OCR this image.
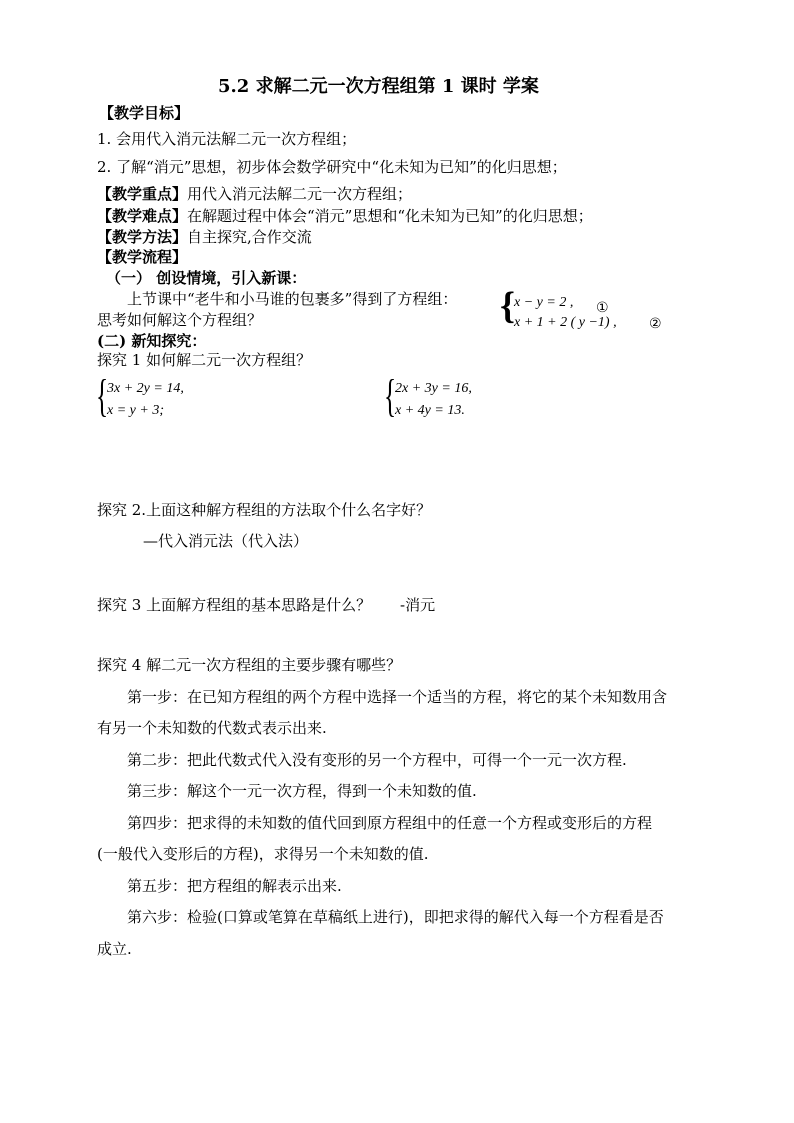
5.2 求解二元一次方程组第 1 课时 学案
【教学目标】
1. 会用代入消元法解二元一次方程组；
2. 了解“消元”思想，初步体会数学研究中“化未知为已知”的化归思想；
【教学重点】用代入消元法解二元一次方程组；
【教学难点】在解题过程中体会“消元”思想和“化未知为已知”的化归思想；
【教学方法】自主探究,合作交流
【教学流程】
（一） 创设情境，引入新课：
上节课中“老牛和小马谁的包裹多”得到了方程组：
思考如何解这个方程组？	{ x − y = 2 , ①
x + 1 + 2 ( y −1) , ②
(二) 新知探究：
探究 1 如何解二元一次方程组？
{
3x + 2y = 14,
x = y + 3;	{
2x + 3y = 16,
x + 4y = 13.
探究 2.上面这种解方程组的方法取个什么名字好？
—代入消元法（代入法）
探究 3 上面解方程组的基本思路是什么？ -消元
探究 4 解二元一次方程组的主要步骤有哪些？
第一步：在已知方程组的两个方程中选择一个适当的方程，将它的某个未知数用含
有另一个未知数的代数式表示出来.
第二步：把此代数式代入没有变形的另一个方程中，可得一个一元一次方程.
第三步：解这个一元一次方程，得到一个未知数的值.
第四步：把求得的未知数的值代回到原方程组中的任意一个方程或变形后的方程
(一般代入变形后的方程)，求得另一个未知数的值.
第五步：把方程组的解表示出来.
第六步：检验(口算或笔算在草稿纸上进行)，即把求得的解代入每一个方程看是否
成立.
